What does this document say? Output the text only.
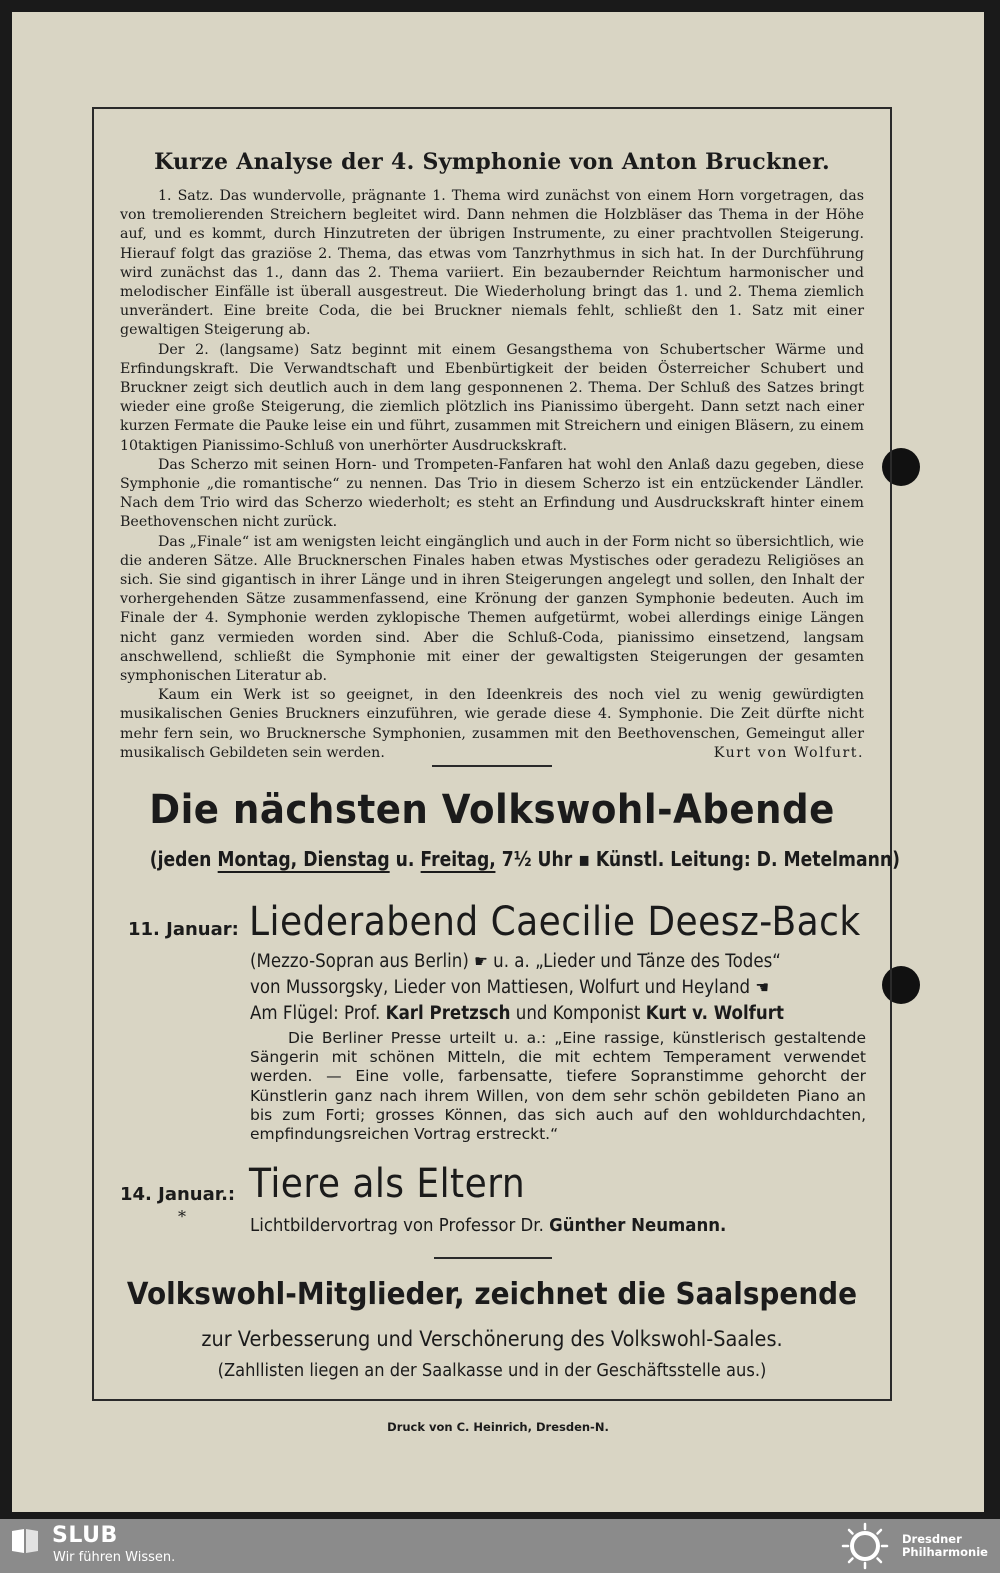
Kurze Analyse der 4. Symphonie von Anton Bruckner.

1. Satz. Das wundervolle, prägnante 1. Thema wird zunächst von einem Horn vorgetragen, das von tremolierenden Streichern begleitet wird. Dann nehmen die Holzbläser das Thema in der Höhe auf, und es kommt, durch Hinzutreten der übrigen Instrumente, zu einer prachtvollen Steigerung. Hierauf folgt das graziöse 2. Thema, das etwas vom Tanzrhythmus in sich hat. In der Durchführung wird zunächst das 1., dann das 2. Thema variiert. Ein bezaubernder Reichtum harmonischer und melodischer Einfälle ist überall ausgestreut. Die Wiederholung bringt das 1. und 2. Thema ziemlich unverändert. Eine breite Coda, die bei Bruckner niemals fehlt, schließt den 1. Satz mit einer gewaltigen Steigerung ab.

Der 2. (langsame) Satz beginnt mit einem Gesangsthema von Schubertscher Wärme und Erfindungskraft. Die Verwandtschaft und Ebenbürtigkeit der beiden Österreicher Schubert und Bruckner zeigt sich deutlich auch in dem lang gesponnenen 2. Thema. Der Schluß des Satzes bringt wieder eine große Steigerung, die ziemlich plötzlich ins Pianissimo übergeht. Dann setzt nach einer kurzen Fermate die Pauke leise ein und führt, zusammen mit Streichern und einigen Bläsern, zu einem 10taktigen Pianissimo-Schluß von unerhörter Ausdruckskraft.

Das Scherzo mit seinen Horn- und Trompeten-Fanfaren hat wohl den Anlaß dazu gegeben, diese Symphonie „die romantische“ zu nennen. Das Trio in diesem Scherzo ist ein entzückender Ländler. Nach dem Trio wird das Scherzo wiederholt; es steht an Erfindung und Ausdruckskraft hinter einem Beethovenschen nicht zurück.

Das „Finale“ ist am wenigsten leicht eingänglich und auch in der Form nicht so übersichtlich, wie die anderen Sätze. Alle Brucknerschen Finales haben etwas Mystisches oder geradezu Religiöses an sich. Sie sind gigantisch in ihrer Länge und in ihren Steigerungen angelegt und sollen, den Inhalt der vorhergehenden Sätze zusammenfassend, eine Krönung der ganzen Symphonie bedeuten. Auch im Finale der 4. Symphonie werden zyklopische Themen aufgetürmt, wobei allerdings einige Längen nicht ganz vermieden worden sind. Aber die Schluß-Coda, pianissimo einsetzend, langsam anschwellend, schließt die Symphonie mit einer der gewaltigsten Steigerungen der gesamten symphonischen Literatur ab.

Kaum ein Werk ist so geeignet, in den Ideenkreis des noch viel zu wenig gewürdigten musikalischen Genies Bruckners einzuführen, wie gerade diese 4. Symphonie. Die Zeit dürfte nicht mehr fern sein, wo Brucknersche Symphonien, zusammen mit den Beethovenschen, Gemeingut aller musikalisch Gebildeten sein werden.	Kurt von Wolfurt.

Die nächsten Volkswohl-Abende
(jeden Montag, Dienstag u. Freitag, 7½ Uhr ▪ Künstl. Leitung: D. Metelmann)
11. Januar: Liederabend Caecilie Deesz-Back
(Mezzo-Sopran aus Berlin) ☛ u. a. „Lieder und Tänze des Todes“
von Mussorgsky, Lieder von Mattiesen, Wolfurt und Heyland ☚
Am Flügel: Prof. Karl Pretzsch und Komponist Kurt v. Wolfurt
Die Berliner Presse urteilt u. a.: „Eine rassige, künstlerisch gestaltende Sängerin mit schönen Mitteln, die mit echtem Temperament verwendet werden. — Eine volle, farbensatte, tiefere Sopranstimme gehorcht der Künstlerin ganz nach ihrem Willen, von dem sehr schön gebildeten Piano an bis zum Forti; grosses Können, das sich auch auf den wohldurchdachten, empfindungsreichen Vortrag erstreckt.“
14. Januar.:
*
Tiere als Eltern
Lichtbildervortrag von Professor Dr. Günther Neumann.
Volkswohl-Mitglieder, zeichnet die Saalspende
zur Verbesserung und Verschönerung des Volkswohl-Saales.
(Zahllisten liegen an der Saalkasse und in der Geschäftsstelle aus.)
Druck von C. Heinrich, Dresden-N.
SLUB
Wir führen Wissen.
Dresdner
Philharmonie
